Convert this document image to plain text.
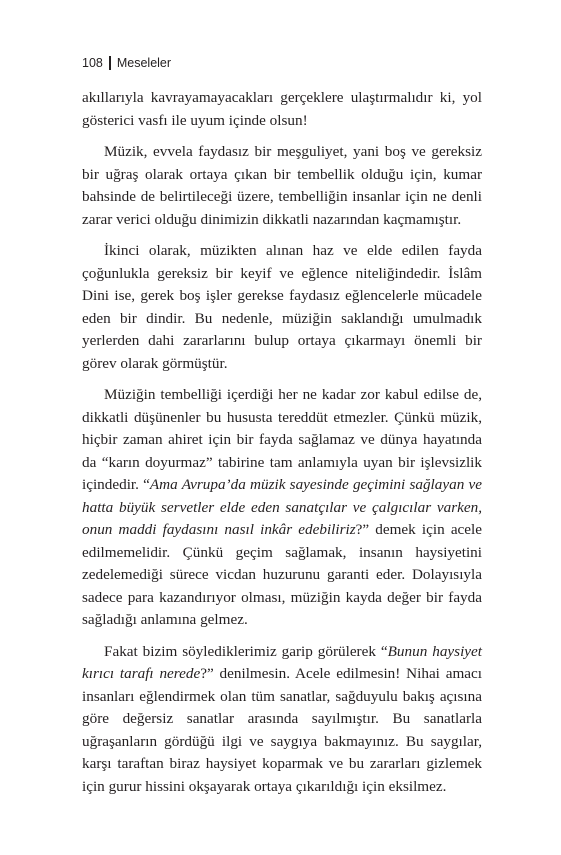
108 Meseleler

akıllarıyla kavrayamayacakları gerçeklere ulaştırmalıdır ki, yol gösterici vasfı ile uyum içinde olsun!

Müzik, evvela faydasız bir meşguliyet, yani boş ve gereksiz bir uğraş olarak ortaya çıkan bir tembellik olduğu için, kumar bahsinde de belirtileceği üzere, tembelliğin insanlar için ne denli zarar verici olduğu dinimizin dikkatli nazarından kaçmamıştır.

İkinci olarak, müzikten alınan haz ve elde edilen fayda çoğunlukla gereksiz bir keyif ve eğlence niteliğindedir. İslâm Dini ise, gerek boş işler gerekse faydasız eğlencelerle mücadele eden bir dindir. Bu nedenle, müziğin saklandığı umulmadık yerlerden dahi zararlarını bulup ortaya çıkarmayı önemli bir görev olarak görmüştür.

Müziğin tembelliği içerdiği her ne kadar zor kabul edilse de, dikkatli düşünenler bu hususta tereddüt etmezler. Çünkü müzik, hiçbir zaman ahiret için bir fayda sağlamaz ve dünya hayatında da “karın doyurmaz” tabirine tam anlamıyla uyan bir işlevsizlik içindedir. “Ama Avrupa’da müzik sayesinde geçimini sağlayan ve hatta büyük servetler elde eden sanatçılar ve çalgıcılar varken, onun maddi faydasını nasıl inkâr edebiliriz?” demek için acele edilmemelidir. Çünkü geçim sağlamak, insanın haysiyetini zedelemediği sürece vicdan huzurunu garanti eder. Dolayısıyla sadece para kazandırıyor olması, müziğin kayda değer bir fayda sağladığı anlamına gelmez.

Fakat bizim söylediklerimiz garip görülerek “Bunun haysiyet kırıcı tarafı nerede?” denilmesin. Acele edilmesin! Nihai amacı insanları eğlendirmek olan tüm sanatlar, sağduyulu bakış açısına göre değersiz sanatlar arasında sayılmıştır. Bu sanatlarla uğraşanların gördüğü ilgi ve saygıya bakmayınız. Bu saygılar, karşı taraftan biraz haysiyet koparmak ve bu zararları gizlemek için gurur hissini okşayarak ortaya çıkarıldığı için eksilmez.
